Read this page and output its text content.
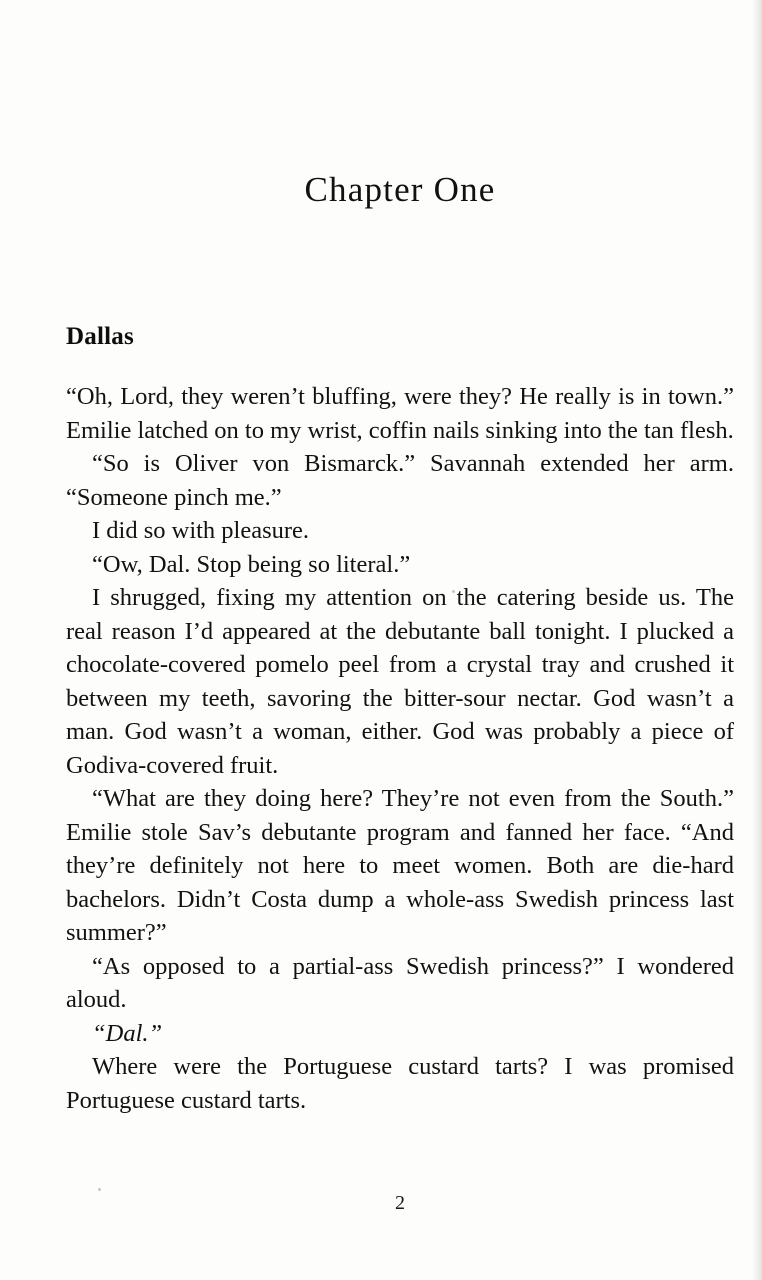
Chapter One
Dallas

“Oh, Lord, they weren’t bluffing, were they? He really is in town.” Emilie latched on to my wrist, coffin nails sinking into the tan flesh.

“So is Oliver von Bismarck.” Savannah extended her arm. “Someone pinch me.”

I did so with pleasure.

“Ow, Dal. Stop being so literal.”

I shrugged, fixing my attention on the catering beside us. The real reason I’d appeared at the debutante ball tonight. I plucked a chocolate-covered pomelo peel from a crystal tray and crushed it between my teeth, savoring the bitter-sour nectar. God wasn’t a man. God wasn’t a woman, either. God was probably a piece of Godiva-covered fruit.

“What are they doing here? They’re not even from the South.” Emilie stole Sav’s debutante program and fanned her face. “And they’re definitely not here to meet women. Both are die-hard bachelors. Didn’t Costa dump a whole-ass Swedish princess last summer?”

“As opposed to a partial-ass Swedish princess?” I wondered aloud.

“Dal.”

Where were the Portuguese custard tarts? I was promised Portuguese custard tarts.

2
